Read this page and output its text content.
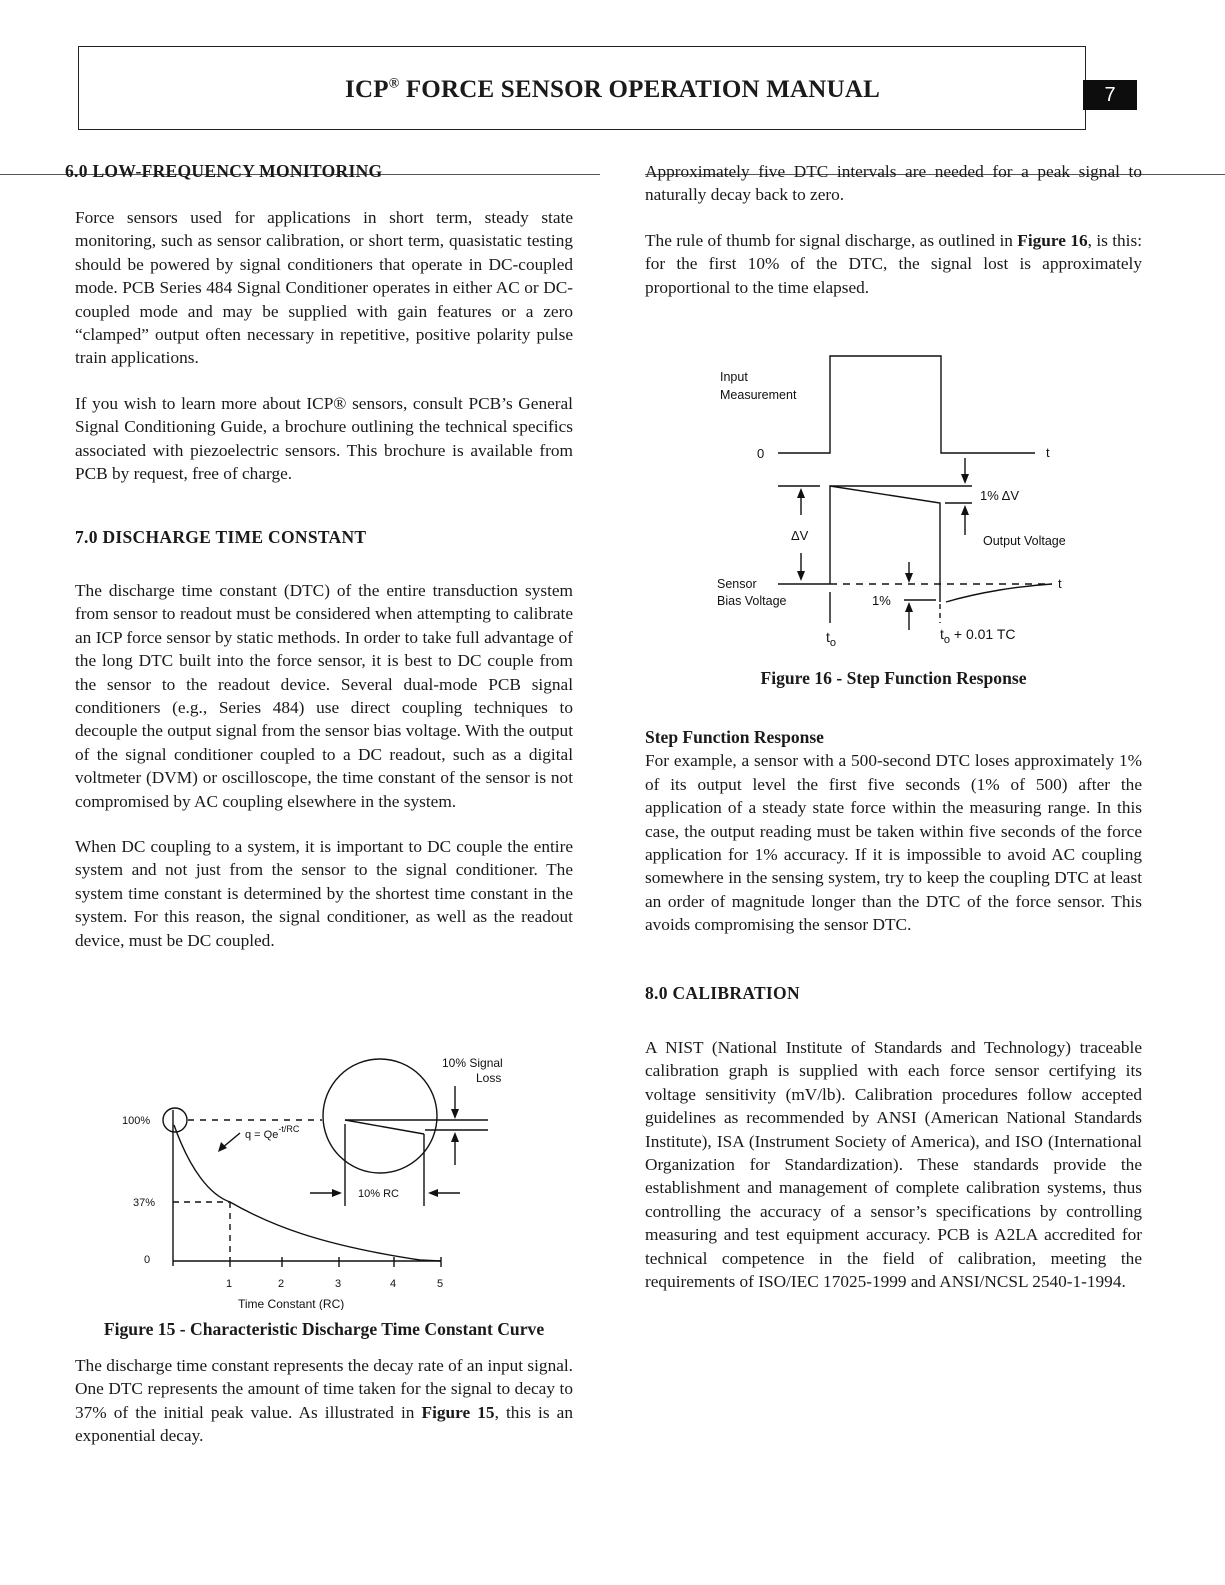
ICP® FORCE SENSOR OPERATION MANUAL	7
6.0 LOW-FREQUENCY MONITORING

Force sensors used for applications in short term, steady state monitoring, such as sensor calibration, or short term, quasistatic testing should be powered by signal conditioners that operate in DC-coupled mode. PCB Series 484 Signal Conditioner operates in either AC or DC-coupled mode and may be supplied with gain features or a zero “clamped” output often necessary in repetitive, positive polarity pulse train applications.

If you wish to learn more about ICP® sensors, consult PCB’s General Signal Conditioning Guide, a brochure outlining the technical specifics associated with piezoelectric sensors. This brochure is available from PCB by request, free of charge.

7.0 DISCHARGE TIME CONSTANT

The discharge time constant (DTC) of the entire transduction system from sensor to readout must be considered when attempting to calibrate an ICP force sensor by static methods. In order to take full advantage of the long DTC built into the force sensor, it is best to DC couple from the sensor to the readout device. Several dual-mode PCB signal conditioners (e.g., Series 484) use direct coupling techniques to decouple the output signal from the sensor bias voltage. With the output of the signal conditioner coupled to a DC readout, such as a digital voltmeter (DVM) or oscilloscope, the time constant of the sensor is not compromised by AC coupling elsewhere in the system.

When DC coupling to a system, it is important to DC couple the entire system and not just from the sensor to the signal conditioner. The system time constant is determined by the shortest time constant in the system. For this reason, the signal conditioner, as well as the readout device, must be DC coupled.

100%
37%
0
1	2	3	4	5
Time Constant (RC)
$q = Qe^{-t/RC}$
10% Signal
Loss
10% RC
Figure 15 - Characteristic Discharge Time Constant Curve

The discharge time constant represents the decay rate of an input signal. One DTC represents the amount of time taken for the signal to decay to 37% of the initial peak value. As illustrated in Figure 15, this is an exponential decay.

Approximately five DTC intervals are needed for a peak signal to naturally decay back to zero.

The rule of thumb for signal discharge, as outlined in Figure 16, is this: for the first 10% of the DTC, the signal lost is approximately proportional to the time elapsed.

Input
Measurement
0	t
1% ΔV
ΔV	Output Voltage
Sensor
Bias Voltage
t
1%
$t_o$
$t_o + 0.01$ TC
Figure 16 - Step Function Response
Step Function Response

For example, a sensor with a 500-second DTC loses approximately 1% of its output level the first five seconds (1% of 500) after the application of a steady state force within the measuring range. In this case, the output reading must be taken within five seconds of the force application for 1% accuracy. If it is impossible to avoid AC coupling somewhere in the sensing system, try to keep the coupling DTC at least an order of magnitude longer than the DTC of the force sensor. This avoids compromising the sensor DTC.

8.0 CALIBRATION

A NIST (National Institute of Standards and Technology) traceable calibration graph is supplied with each force sensor certifying its voltage sensitivity (mV/lb). Calibration procedures follow accepted guidelines as recommended by ANSI (American National Standards Institute), ISA (Instrument Society of America), and ISO (International Organization for Standardization). These standards provide the establishment and management of complete calibration systems, thus controlling the accuracy of a sensor’s specifications by controlling measuring and test equipment accuracy. PCB is A2LA accredited for technical competence in the field of calibration, meeting the requirements of ISO/IEC 17025-1999 and ANSI/NCSL 2540-1-1994.
